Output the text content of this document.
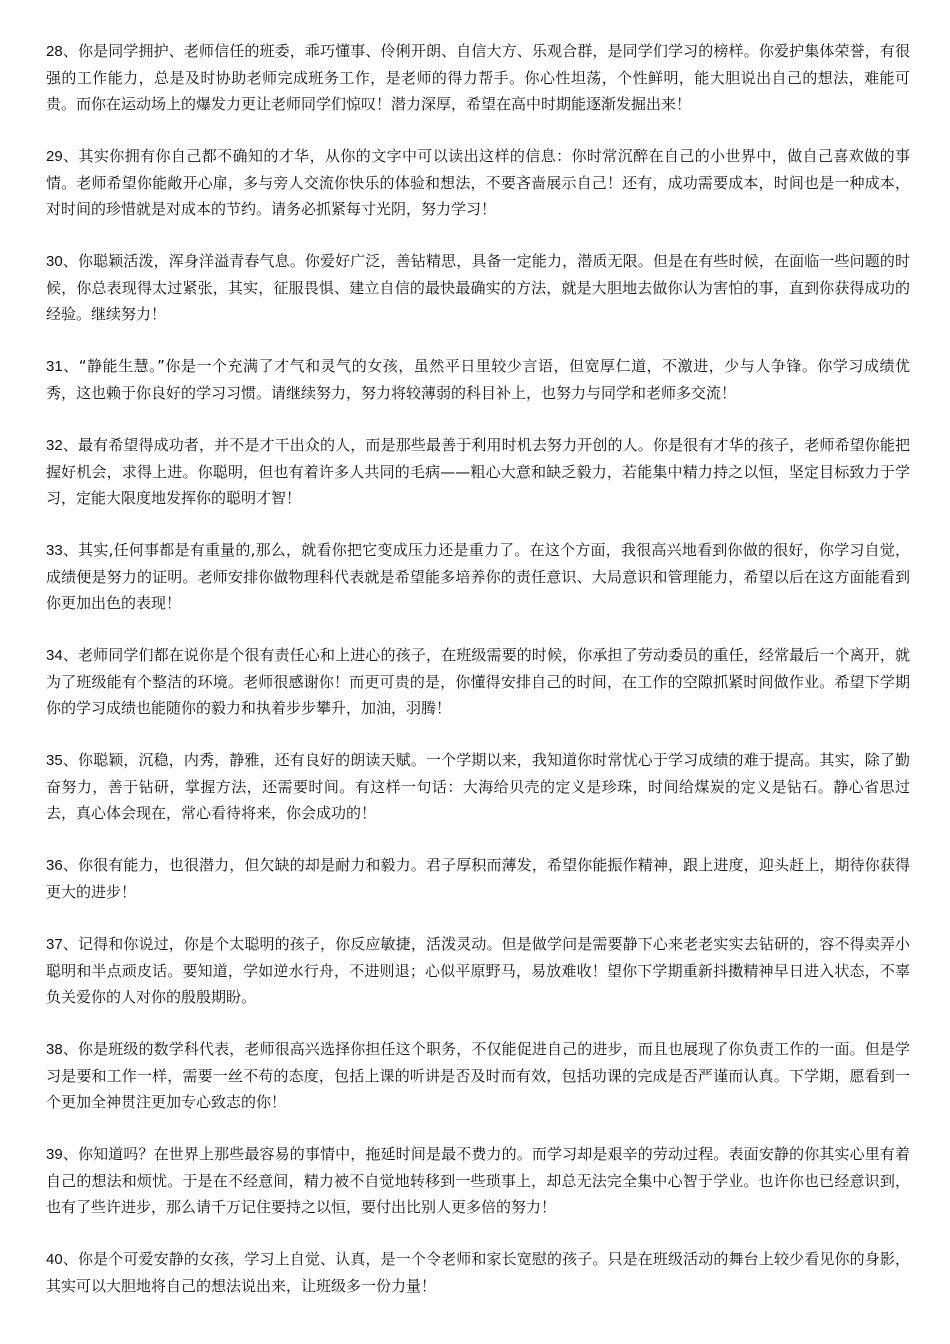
28、你是同学拥护、老师信任的班委，乖巧懂事、伶俐开朗、自信大方、乐观合群，是同学们学习的榜样。你爱护集体荣誉，有很强的工作能力，总是及时协助老师完成班务工作，是老师的得力帮手。你心性坦荡，个性鲜明，能大胆说出自己的想法，难能可贵。而你在运动场上的爆发力更让老师同学们惊叹！潜力深厚，希望在高中时期能逐渐发掘出来！

29、其实你拥有你自己都不确知的才华，从你的文字中可以读出这样的信息：你时常沉醉在自己的小世界中，做自己喜欢做的事情。老师希望你能敞开心扉，多与旁人交流你快乐的体验和想法，不要吝啬展示自己！还有，成功需要成本，时间也是一种成本，对时间的珍惜就是对成本的节约。请务必抓紧每寸光阴，努力学习！

30、你聪颖活泼，浑身洋溢青春气息。你爱好广泛，善钻精思，具备一定能力，潜质无限。但是在有些时候，在面临一些问题的时候，你总表现得太过紧张，其实，征服畏惧、建立自信的最快最确实的方法，就是大胆地去做你认为害怕的事，直到你获得成功的经验。继续努力！

31、“静能生慧。”你是一个充满了才气和灵气的女孩，虽然平日里较少言语，但宽厚仁道，不激进，少与人争锋。你学习成绩优秀，这也赖于你良好的学习习惯。请继续努力，努力将较薄弱的科目补上，也努力与同学和老师多交流！

32、最有希望得成功者，并不是才干出众的人，而是那些最善于利用时机去努力开创的人。你是很有才华的孩子，老师希望你能把握好机会，求得上进。你聪明，但也有着许多人共同的毛病——粗心大意和缺乏毅力，若能集中精力持之以恒，坚定目标致力于学习，定能大限度地发挥你的聪明才智！

33、其实,任何事都是有重量的,那么，就看你把它变成压力还是重力了。在这个方面，我很高兴地看到你做的很好，你学习自觉，成绩便是努力的证明。老师安排你做物理科代表就是希望能多培养你的责任意识、大局意识和管理能力，希望以后在这方面能看到你更加出色的表现！

34、老师同学们都在说你是个很有责任心和上进心的孩子，在班级需要的时候，你承担了劳动委员的重任，经常最后一个离开，就为了班级能有个整洁的环境。老师很感谢你！而更可贵的是，你懂得安排自己的时间，在工作的空隙抓紧时间做作业。希望下学期你的学习成绩也能随你的毅力和执着步步攀升，加油，羽腾！

35、你聪颖，沉稳，内秀，静雅，还有良好的朗读天赋。一个学期以来，我知道你时常忧心于学习成绩的难于提高。其实，除了勤奋努力，善于钻研，掌握方法，还需要时间。有这样一句话：大海给贝壳的定义是珍珠，时间给煤炭的定义是钻石。静心省思过去，真心体会现在，常心看待将来，你会成功的！

36、你很有能力，也很潜力，但欠缺的却是耐力和毅力。君子厚积而薄发，希望你能振作精神，跟上进度，迎头赶上，期待你获得更大的进步！

37、记得和你说过，你是个太聪明的孩子，你反应敏捷，活泼灵动。但是做学问是需要静下心来老老实实去钻研的，容不得卖弄小聪明和半点顽皮话。要知道，学如逆水行舟，不进则退；心似平原野马，易放难收！望你下学期重新抖擞精神早日进入状态，不辜负关爱你的人对你的殷殷期盼。

38、你是班级的数学科代表，老师很高兴选择你担任这个职务，不仅能促进自己的进步，而且也展现了你负责工作的一面。但是学习是要和工作一样，需要一丝不苟的态度，包括上课的听讲是否及时而有效，包括功课的完成是否严谨而认真。下学期，愿看到一个更加全神贯注更加专心致志的你！

39、你知道吗？在世界上那些最容易的事情中，拖延时间是最不费力的。而学习却是艰辛的劳动过程。表面安静的你其实心里有着自己的想法和烦忧。于是在不经意间，精力被不自觉地转移到一些琐事上，却总无法完全集中心智于学业。也许你也已经意识到，也有了些许进步，那么请千万记住要持之以恒，要付出比别人更多倍的努力！

40、你是个可爱安静的女孩，学习上自觉、认真，是一个令老师和家长宽慰的孩子。只是在班级活动的舞台上较少看见你的身影，其实可以大胆地将自己的想法说出来，让班级多一份力量！
